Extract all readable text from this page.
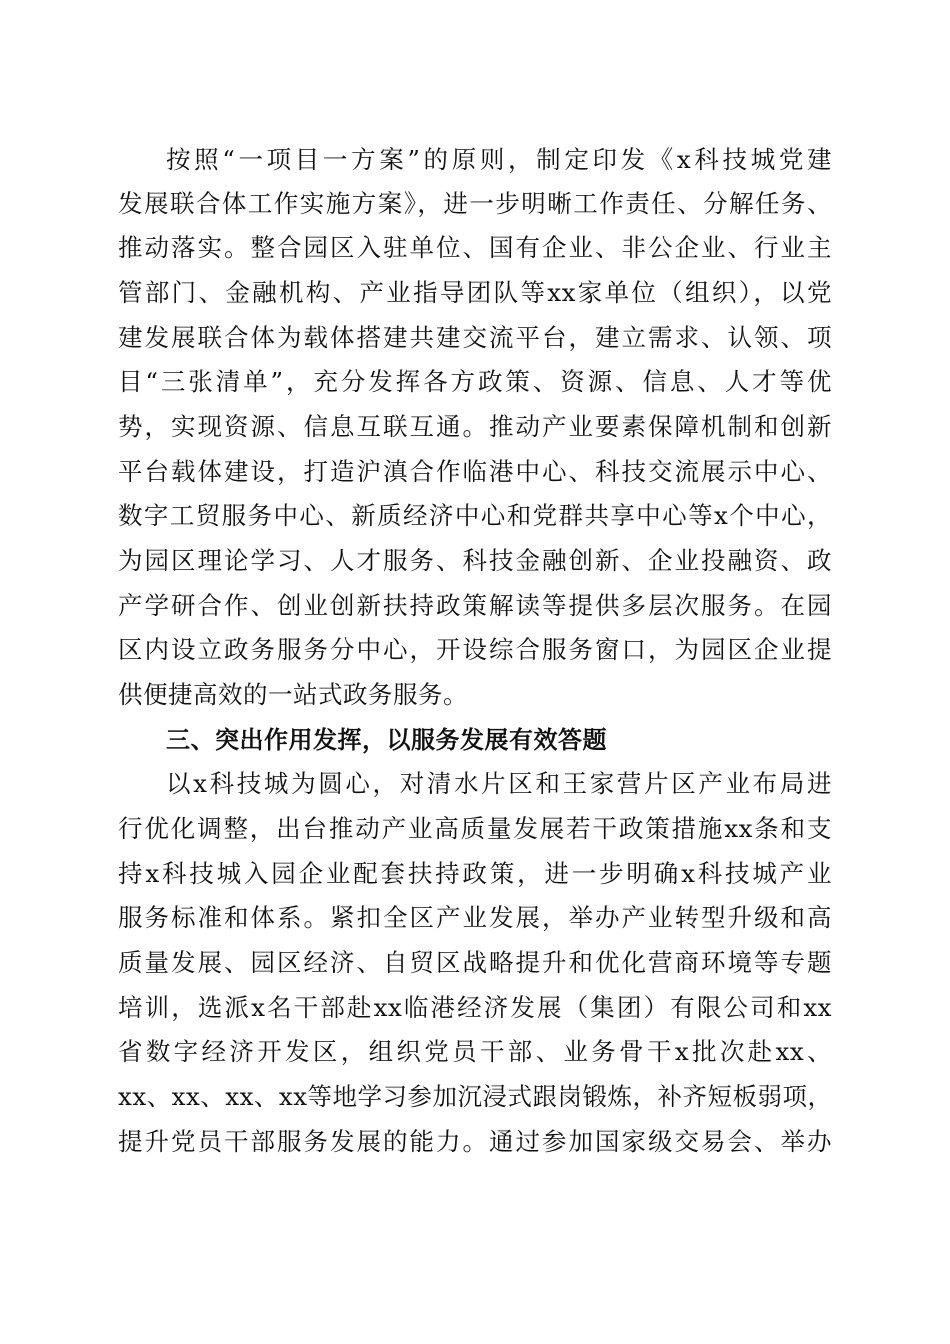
按照“一项目一方案”的原则，制定印发《x科技城党建
发展联合体工作实施方案》，进一步明晰工作责任、分解任务、
推动落实。整合园区入驻单位、国有企业、非公企业、行业主
管部门、金融机构、产业指导团队等xx家单位（组织），以党
建发展联合体为载体搭建共建交流平台，建立需求、认领、项
目“三张清单”，充分发挥各方政策、资源、信息、人才等优
势，实现资源、信息互联互通。推动产业要素保障机制和创新
平台载体建设，打造沪滇合作临港中心、科技交流展示中心、
数字工贸服务中心、新质经济中心和党群共享中心等x个中心，
为园区理论学习、人才服务、科技金融创新、企业投融资、政
产学研合作、创业创新扶持政策解读等提供多层次服务。在园
区内设立政务服务分中心，开设综合服务窗口，为园区企业提
供便捷高效的一站式政务服务。
三、突出作用发挥，以服务发展有效答题
以x科技城为圆心，对清水片区和王家营片区产业布局进
行优化调整，出台推动产业高质量发展若干政策措施xx条和支
持x科技城入园企业配套扶持政策，进一步明确x科技城产业
服务标准和体系。紧扣全区产业发展，举办产业转型升级和高
质量发展、园区经济、自贸区战略提升和优化营商环境等专题
培训，选派x名干部赴xx临港经济发展（集团）有限公司和xx
省数字经济开发区，组织党员干部、业务骨干x批次赴xx、
xx、xx、xx、xx等地学习参加沉浸式跟岗锻炼，补齐短板弱项，
提升党员干部服务发展的能力。通过参加国家级交易会、举办
